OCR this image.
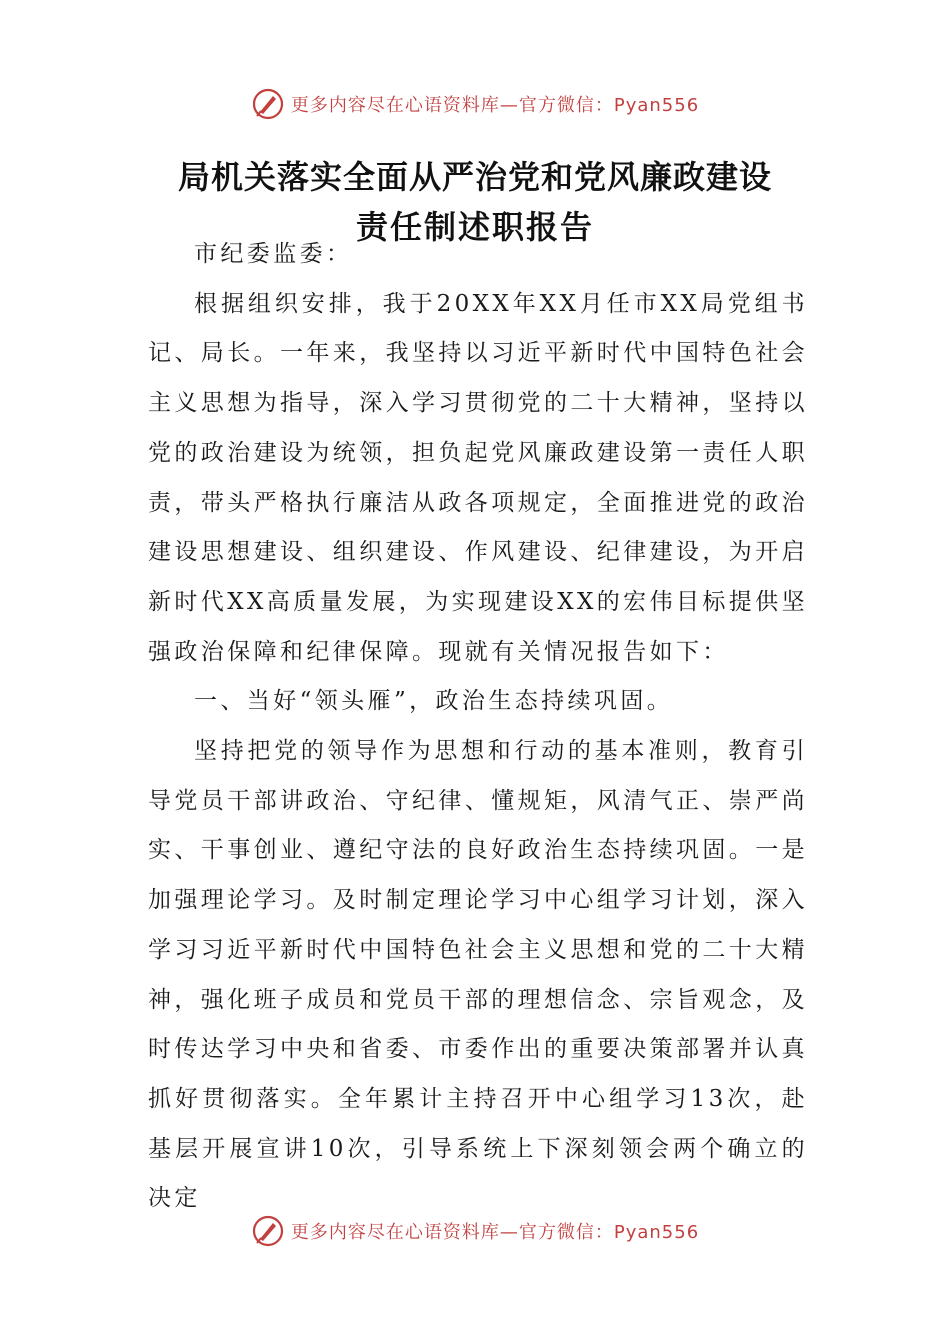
更多内容尽在心语资料库—官方微信：Pyan556
局机关落实全面从严治党和党风廉政建设
责任制述职报告

市纪委监委：

根据组织安排，我于20XX年XX月任市XX局党组书记、局长。一年来，我坚持以习近平新时代中国特色社会主义思想为指导，深入学习贯彻党的二十大精神，坚持以党的政治建设为统领，担负起党风廉政建设第一责任人职责，带头严格执行廉洁从政各项规定，全面推进党的政治建设思想建设、组织建设、作风建设、纪律建设，为开启新时代XX高质量发展，为实现建设XX的宏伟目标提供坚强政治保障和纪律保障。现就有关情况报告如下：

一、当好“领头雁”，政治生态持续巩固。

坚持把党的领导作为思想和行动的基本准则，教育引导党员干部讲政治、守纪律、懂规矩，风清气正、崇严尚实、干事创业、遵纪守法的良好政治生态持续巩固。一是加强理论学习。及时制定理论学习中心组学习计划，深入学习习近平新时代中国特色社会主义思想和党的二十大精神，强化班子成员和党员干部的理想信念、宗旨观念，及时传达学习中央和省委、市委作出的重要决策部署并认真抓好贯彻落实。全年累计主持召开中心组学习13次，赴基层开展宣讲10次，引导系统上下深刻领会两个确立的决定

更多内容尽在心语资料库—官方微信：Pyan556
